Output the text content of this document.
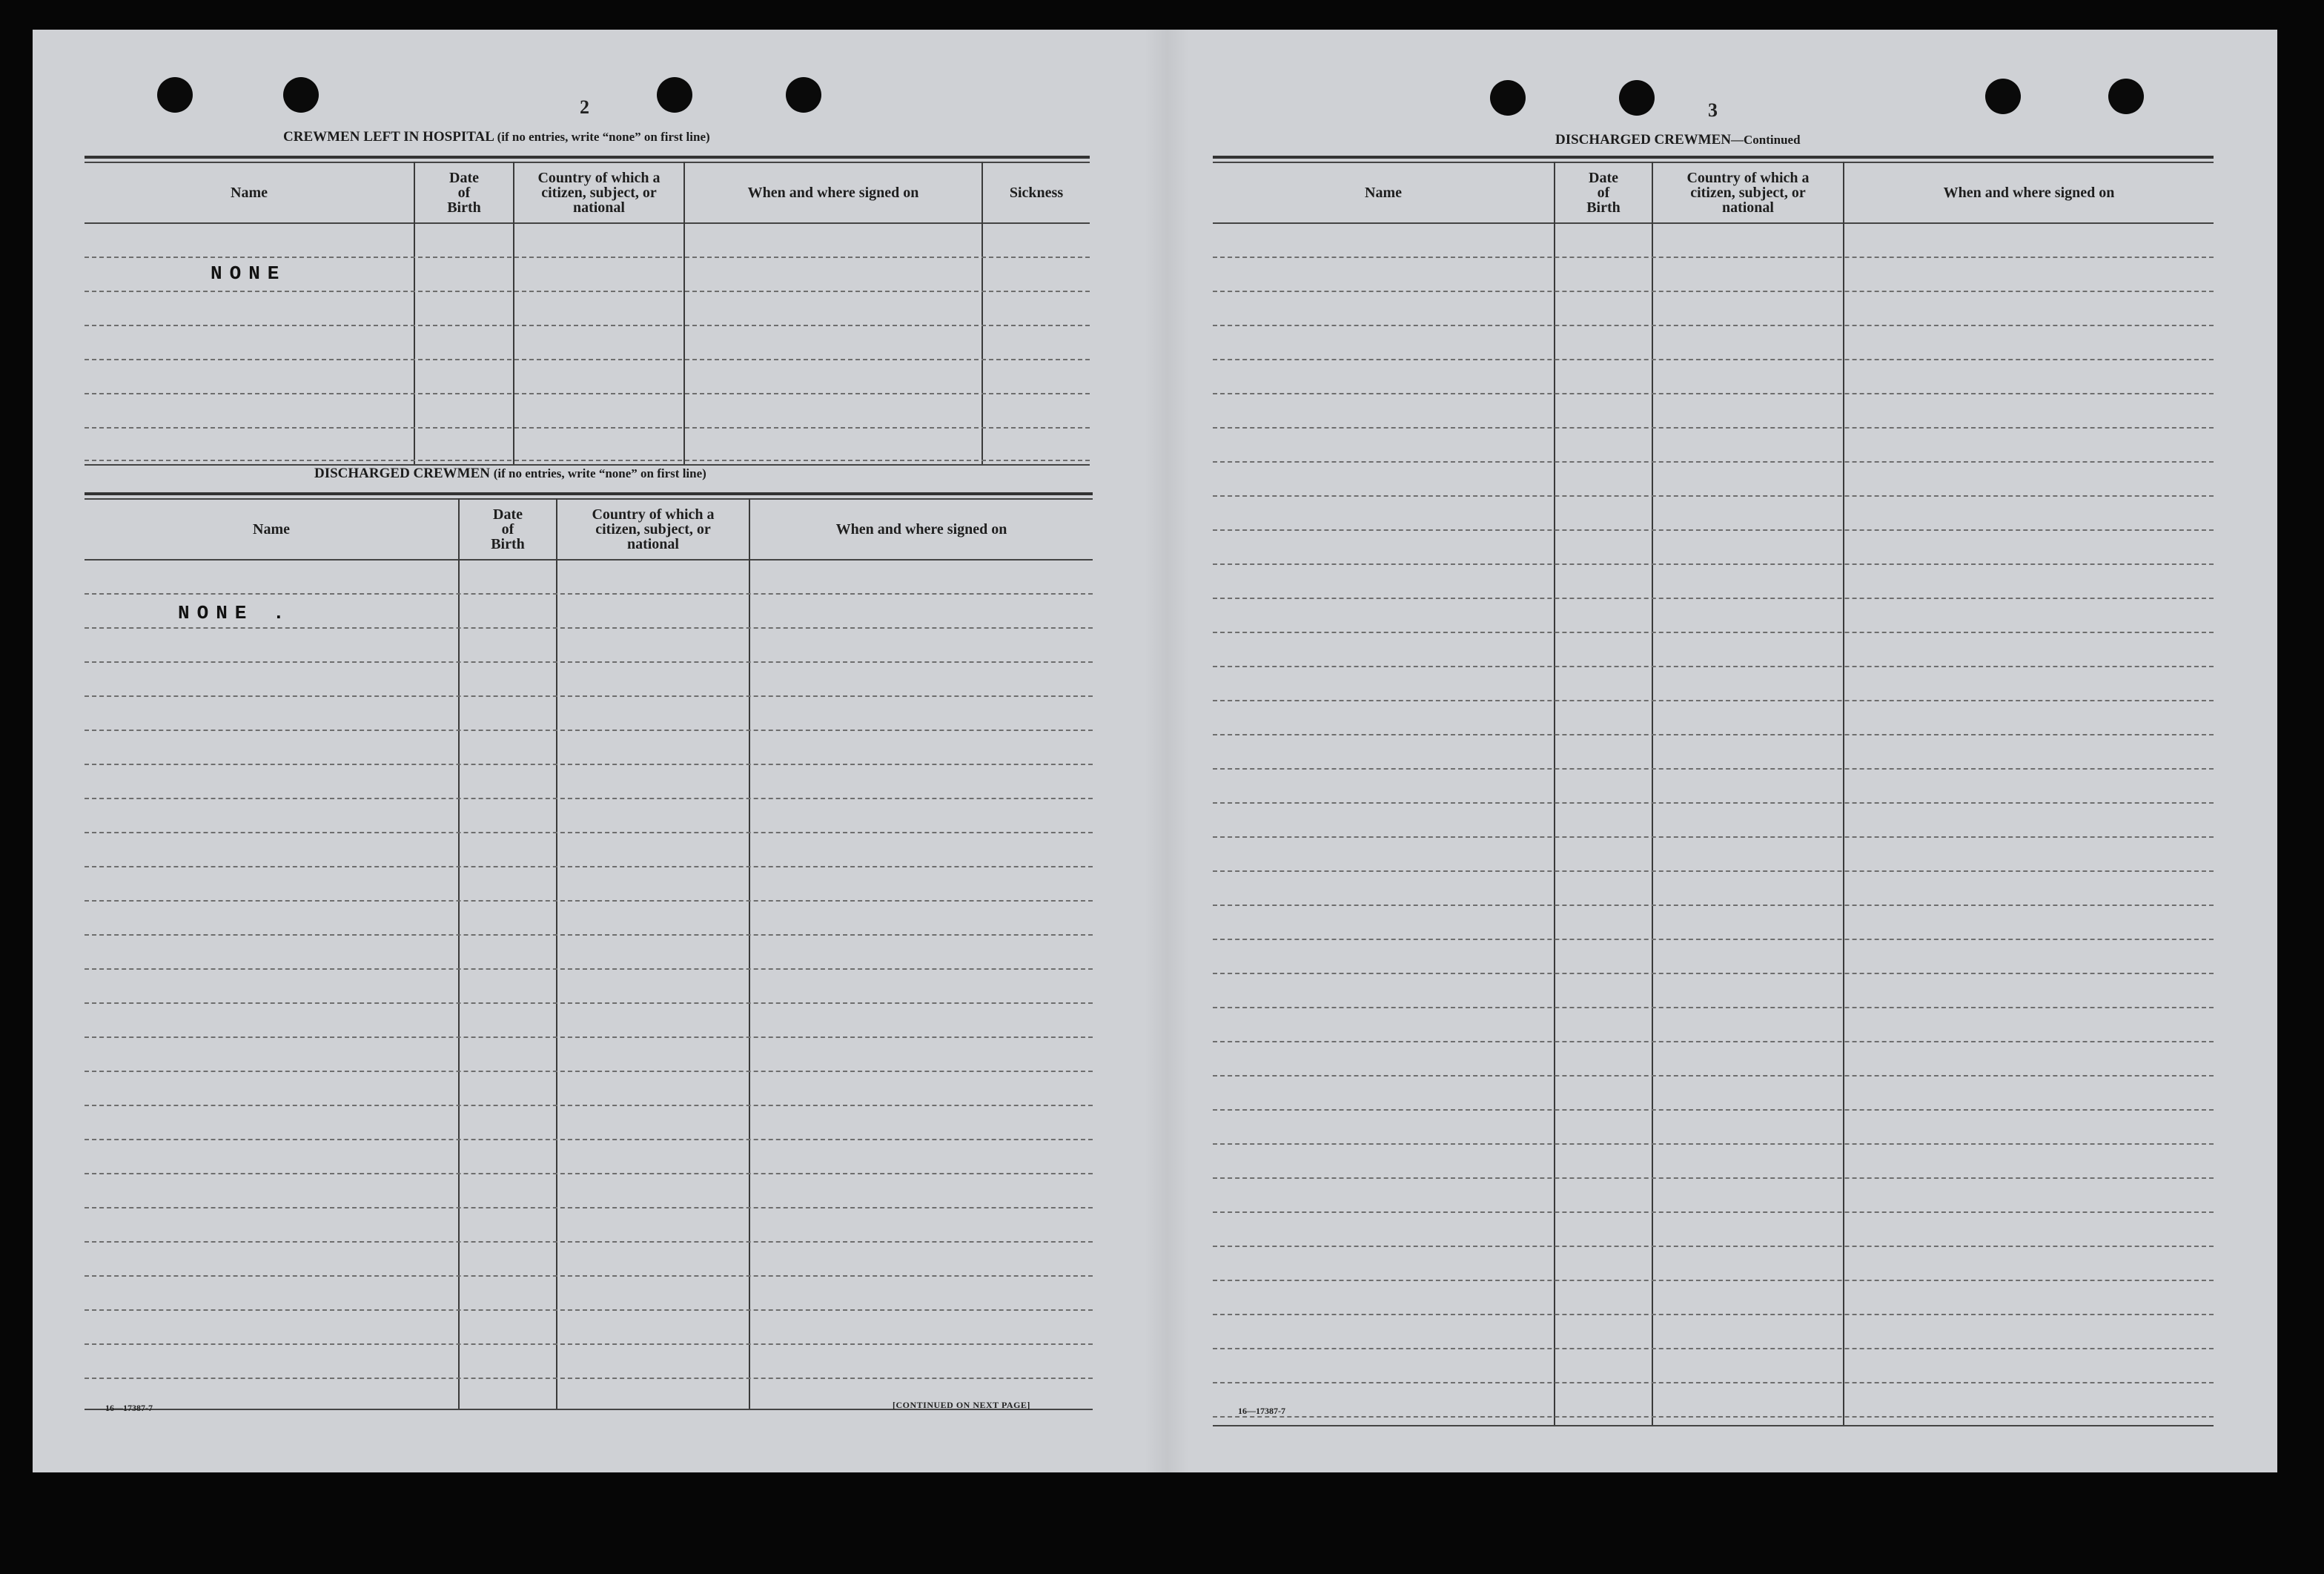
2
CREWMEN LEFT IN HOSPITAL (if no entries, write “none” on first line)
Name
Date
of
Birth
Country of which a
citizen, subject, or
national
When and where signed on	Sickness
NONE
DISCHARGED CREWMEN (if no entries, write “none” on first line)
Name
Date
of
Birth
Country of which a
citizen, subject, or
national
When and where signed on
NONE .
16—17387-7	[CONTINUED ON NEXT PAGE]
3
DISCHARGED CREWMEN—Continued
Name
Date
of
Birth
Country of which a
citizen, subject, or
national
When and where signed on
16—17387-7
